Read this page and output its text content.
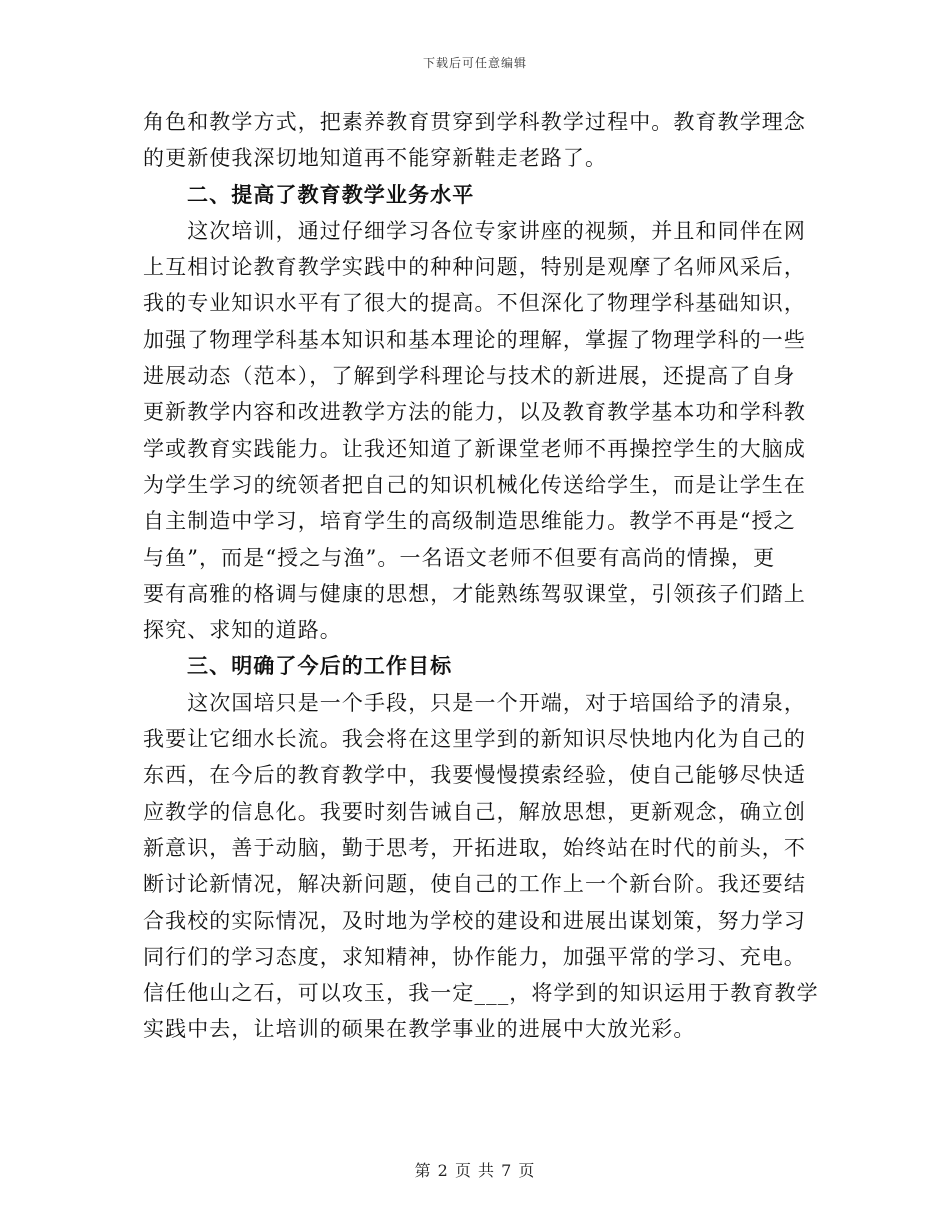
下载后可任意编辑
角色和教学方式，把素养教育贯穿到学科教学过程中。教育教学理念
的更新使我深切地知道再不能穿新鞋走老路了。
二、提高了教育教学业务水平
　　这次培训，通过仔细学习各位专家讲座的视频，并且和同伴在网
上互相讨论教育教学实践中的种种问题，特别是观摩了名师风采后，
我的专业知识水平有了很大的提高。不但深化了物理学科基础知识，
加强了物理学科基本知识和基本理论的理解，掌握了物理学科的一些
进展动态（范本），了解到学科理论与技术的新进展，还提高了自身
更新教学内容和改进教学方法的能力，以及教育教学基本功和学科教
学或教育实践能力。让我还知道了新课堂老师不再操控学生的大脑成
为学生学习的统领者把自己的知识机械化传送给学生，而是让学生在
自主制造中学习，培育学生的高级制造思维能力。教学不再是“授之
与鱼”，而是“授之与渔”。一名语文老师不但要有高尚的情操，更
要有高雅的格调与健康的思想，才能熟练驾驭课堂，引领孩子们踏上
探究、求知的道路。
三、明确了今后的工作目标
　　这次国培只是一个手段，只是一个开端，对于培国给予的清泉，
我要让它细水长流。我会将在这里学到的新知识尽快地内化为自己的
东西，在今后的教育教学中，我要慢慢摸索经验，使自己能够尽快适
应教学的信息化。我要时刻告诫自己，解放思想，更新观念，确立创
新意识，善于动脑，勤于思考，开拓进取，始终站在时代的前头，不
断讨论新情况，解决新问题，使自己的工作上一个新台阶。我还要结
合我校的实际情况，及时地为学校的建设和进展出谋划策，努力学习
同行们的学习态度，求知精神，协作能力，加强平常的学习、充电。
信任他山之石，可以攻玉，我一定___，将学到的知识运用于教育教学
实践中去，让培训的硕果在教学事业的进展中大放光彩。
第 2 页 共 7 页
